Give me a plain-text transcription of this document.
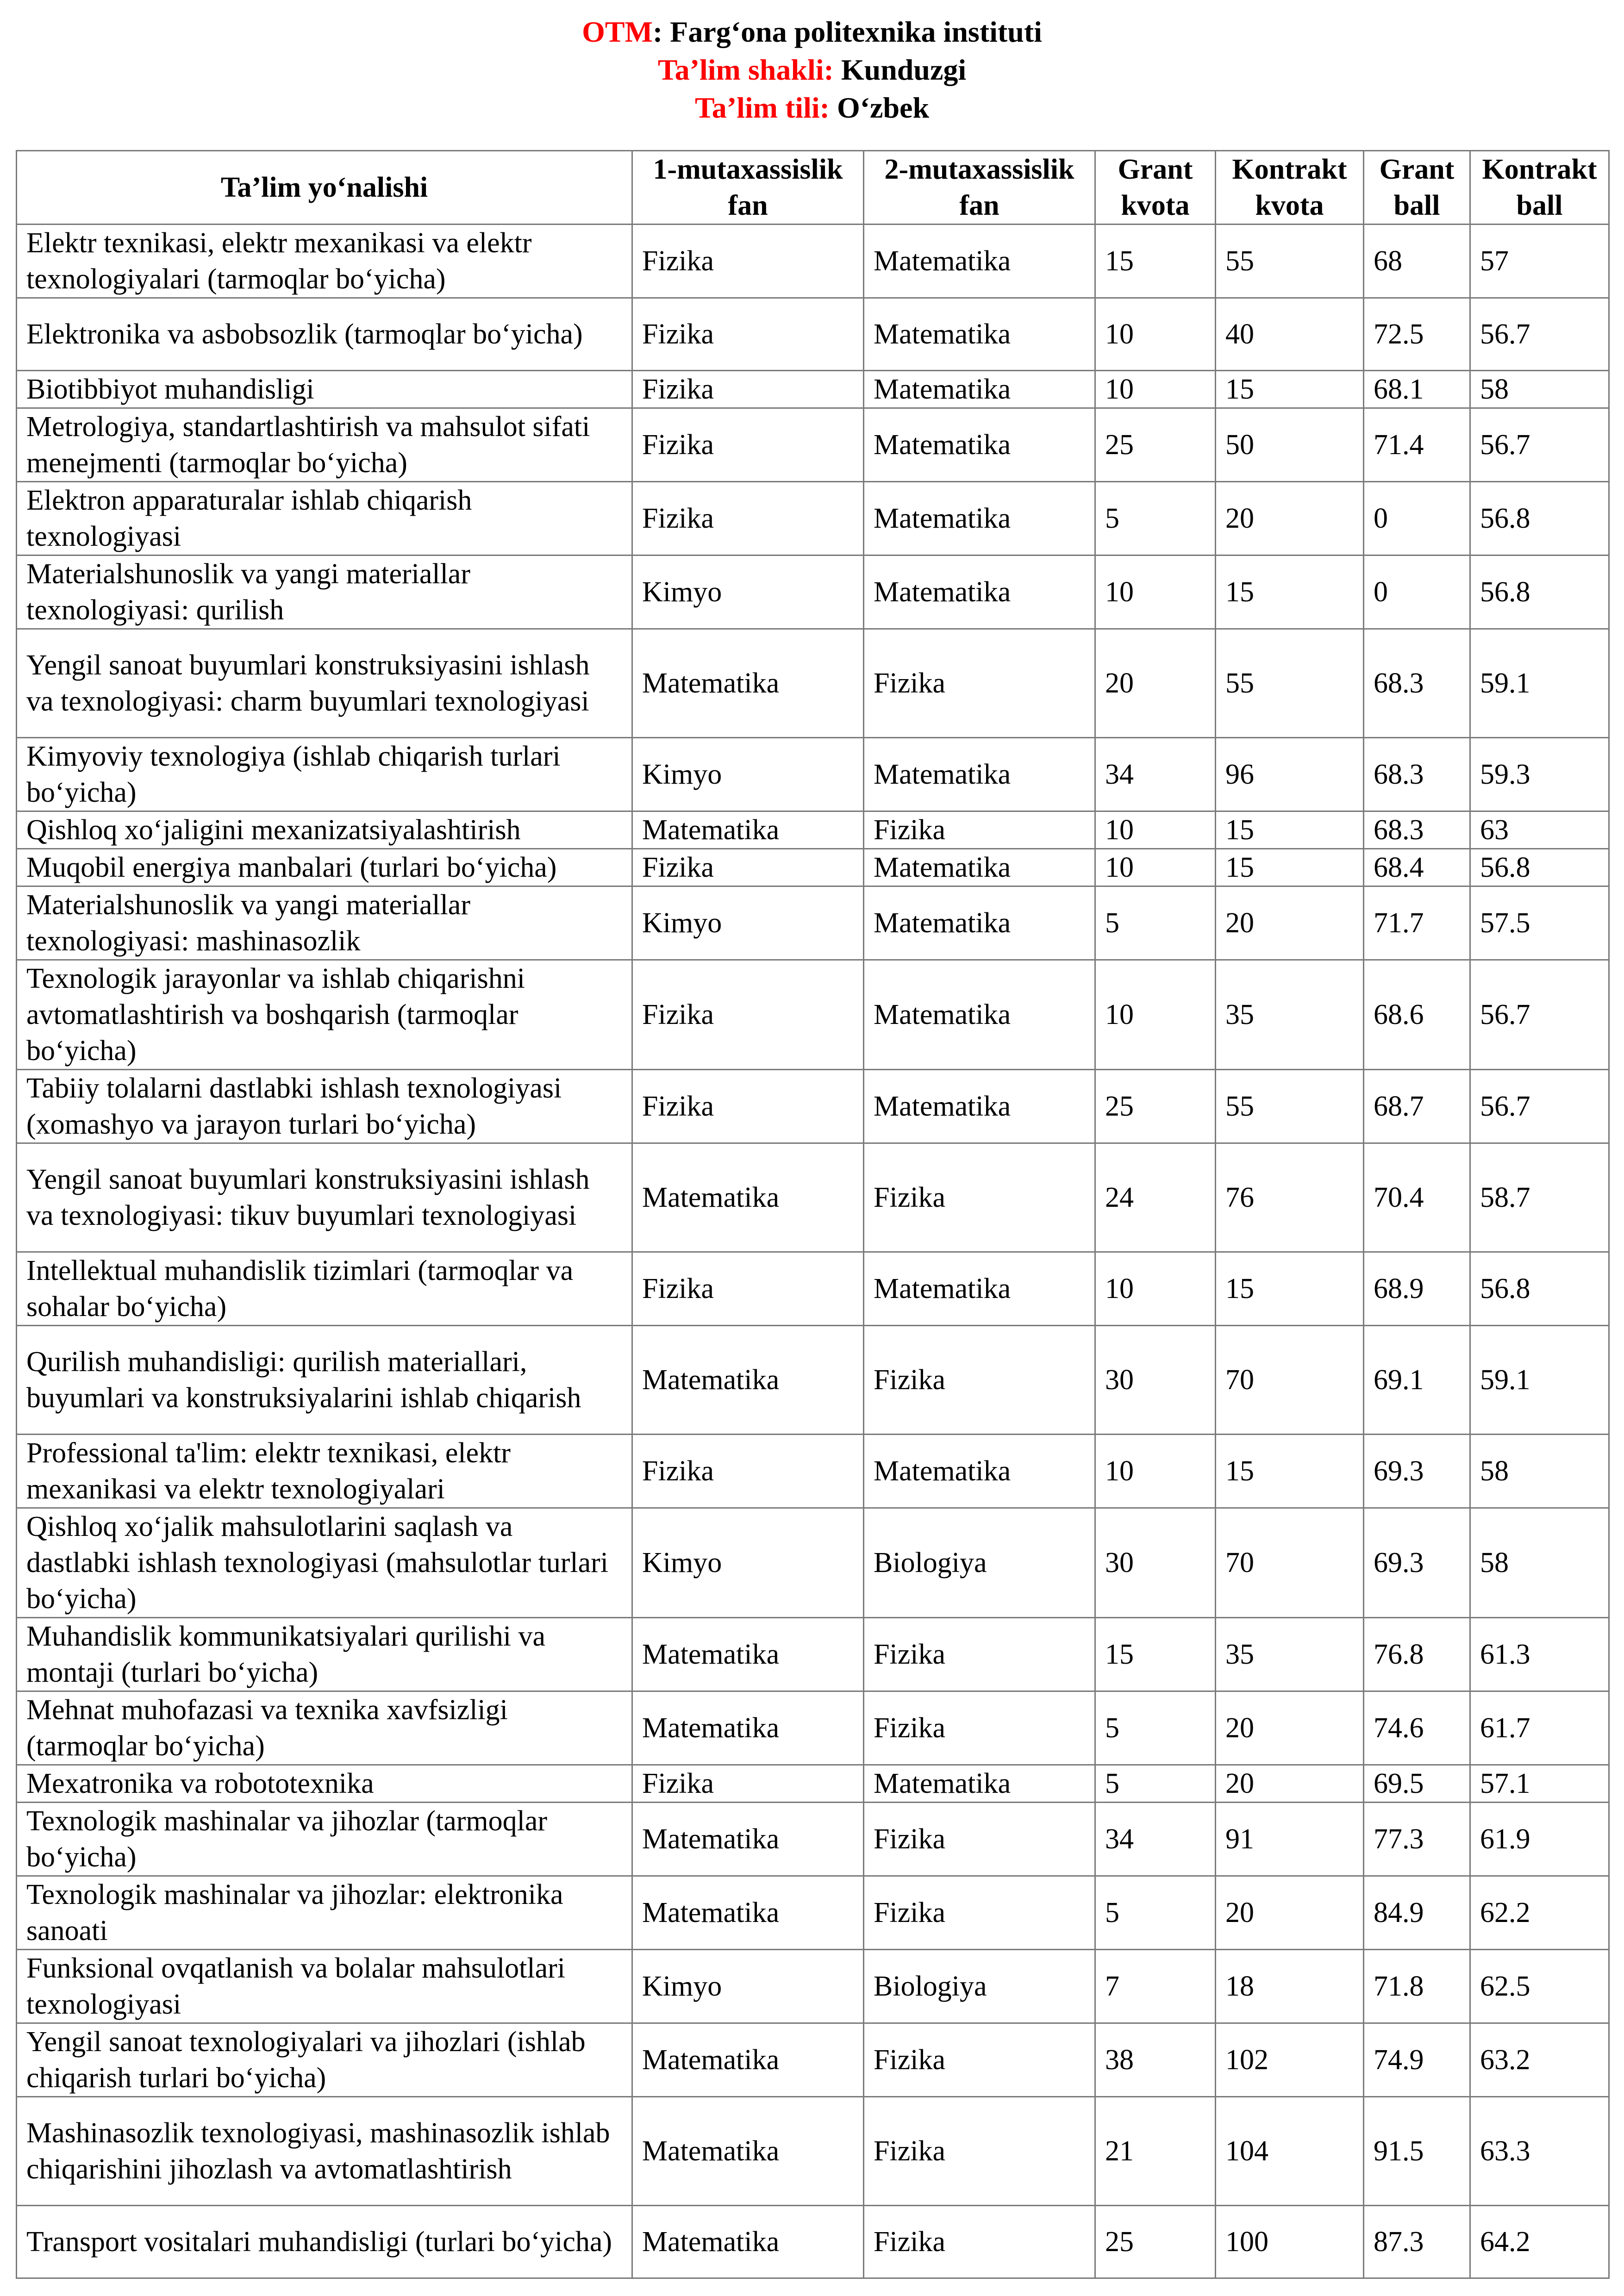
OTM: Farg‘ona politexnika instituti
Ta’lim shakli: Kunduzgi
Ta’lim tili: O‘zbek
Ta’lim yo‘nalishi	1-mutaxassislik fan	2-mutaxassislik fan	Grant kvota	Kontrakt kvota	Grant ball	Kontrakt ball
Elektr texnikasi, elektr mexanikasi va elektr texnologiyalari (tarmoqlar bo‘yicha)	Fizika	Matematika	15	55	68	57
Elektronika va asbobsozlik (tarmoqlar bo‘yicha)	Fizika	Matematika	10	40	72.5	56.7
Biotibbiyot muhandisligi	Fizika	Matematika	10	15	68.1	58
Metrologiya, standartlashtirish va mahsulot sifati menejmenti (tarmoqlar bo‘yicha)	Fizika	Matematika	25	50	71.4	56.7
Elektron apparaturalar ishlab chiqarish texnologiyasi	Fizika	Matematika	5	20	0	56.8
Materialshunoslik va yangi materiallar texnologiyasi: qurilish	Kimyo	Matematika	10	15	0	56.8
Yengil sanoat buyumlari konstruksiyasini ishlash va texnologiyasi: charm buyumlari texnologiyasi	Matematika	Fizika	20	55	68.3	59.1
Kimyoviy texnologiya (ishlab chiqarish turlari bo‘yicha)	Kimyo	Matematika	34	96	68.3	59.3
Qishloq xo‘jaligini mexanizatsiyalashtirish	Matematika	Fizika	10	15	68.3	63
Muqobil energiya manbalari (turlari bo‘yicha)	Fizika	Matematika	10	15	68.4	56.8
Materialshunoslik va yangi materiallar texnologiyasi: mashinasozlik	Kimyo	Matematika	5	20	71.7	57.5
Texnologik jarayonlar va ishlab chiqarishni avtomatlashtirish va boshqarish (tarmoqlar bo‘yicha)	Fizika	Matematika	10	35	68.6	56.7
Tabiiy tolalarni dastlabki ishlash texnologiyasi (xomashyo va jarayon turlari bo‘yicha)	Fizika	Matematika	25	55	68.7	56.7
Yengil sanoat buyumlari konstruksiyasini ishlash va texnologiyasi: tikuv buyumlari texnologiyasi	Matematika	Fizika	24	76	70.4	58.7
Intellektual muhandislik tizimlari (tarmoqlar va sohalar bo‘yicha)	Fizika	Matematika	10	15	68.9	56.8
Qurilish muhandisligi: qurilish materiallari, buyumlari va konstruksiyalarini ishlab chiqarish	Matematika	Fizika	30	70	69.1	59.1
Professional ta'lim: elektr texnikasi, elektr mexanikasi va elektr texnologiyalari	Fizika	Matematika	10	15	69.3	58
Qishloq xo‘jalik mahsulotlarini saqlash va dastlabki ishlash texnologiyasi (mahsulotlar turlari bo‘yicha)	Kimyo	Biologiya	30	70	69.3	58
Muhandislik kommunikatsiyalari qurilishi va montaji (turlari bo‘yicha)	Matematika	Fizika	15	35	76.8	61.3
Mehnat muhofazasi va texnika xavfsizligi (tarmoqlar bo‘yicha)	Matematika	Fizika	5	20	74.6	61.7
Mexatronika va robototexnika	Fizika	Matematika	5	20	69.5	57.1
Texnologik mashinalar va jihozlar (tarmoqlar bo‘yicha)	Matematika	Fizika	34	91	77.3	61.9
Texnologik mashinalar va jihozlar: elektronika sanoati	Matematika	Fizika	5	20	84.9	62.2
Funksional ovqatlanish va bolalar mahsulotlari texnologiyasi	Kimyo	Biologiya	7	18	71.8	62.5
Yengil sanoat texnologiyalari va jihozlari (ishlab chiqarish turlari bo‘yicha)	Matematika	Fizika	38	102	74.9	63.2
Mashinasozlik texnologiyasi, mashinasozlik ishlab chiqarishini jihozlash va avtomatlashtirish	Matematika	Fizika	21	104	91.5	63.3
Transport vositalari muhandisligi (turlari bo‘yicha)	Matematika	Fizika	25	100	87.3	64.2
